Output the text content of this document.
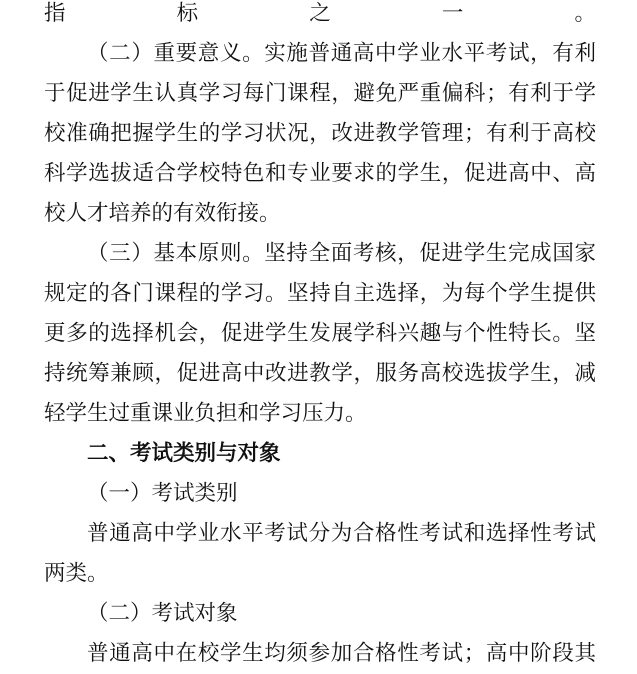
指标之一。
（二）重要意义。实施普通高中学业水平考试，有利
于促进学生认真学习每门课程，避免严重偏科；有利于学
校准确把握学生的学习状况，改进教学管理；有利于高校
科学选拔适合学校特色和专业要求的学生，促进高中、高
校人才培养的有效衔接。
（三）基本原则。坚持全面考核，促进学生完成国家
规定的各门课程的学习。坚持自主选择，为每个学生提供
更多的选择机会，促进学生发展学科兴趣与个性特长。坚
持统筹兼顾，促进高中改进教学，服务高校选拔学生，减
轻学生过重课业负担和学习压力。
二、考试类别与对象
（一）考试类别
普通高中学业水平考试分为合格性考试和选择性考试
两类。
（二）考试对象
普通高中在校学生均须参加合格性考试；高中阶段其
